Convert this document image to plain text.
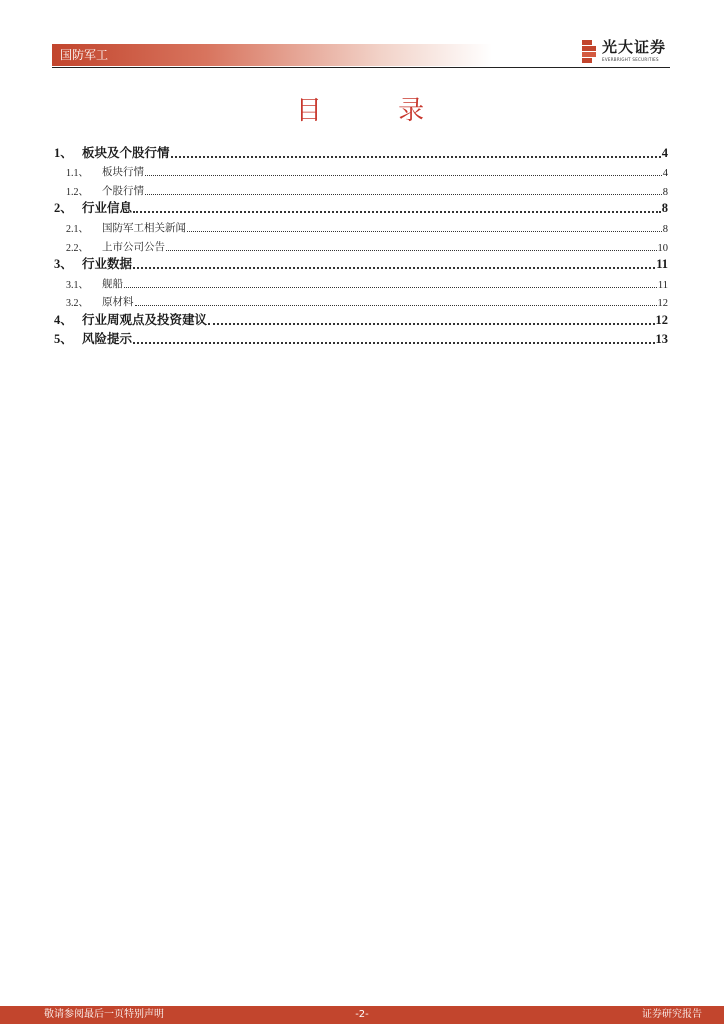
国防军工	光大证券
EVERBRIGHT SECURITIES
目 录
1、 板块及个股行情	4
1.1、	板块行情	4
1.2、	个股行情	8
2、 行业信息	8
2.1、	国防军工相关新闻	8
2.2、	上市公司公告	10
3、 行业数据	11
3.1、	舰船	11
3.2、	原材料	12
4、 行业周观点及投资建议	12
5、 风险提示	13
敬请参阅最后一页特别声明	-2-	证券研究报告
